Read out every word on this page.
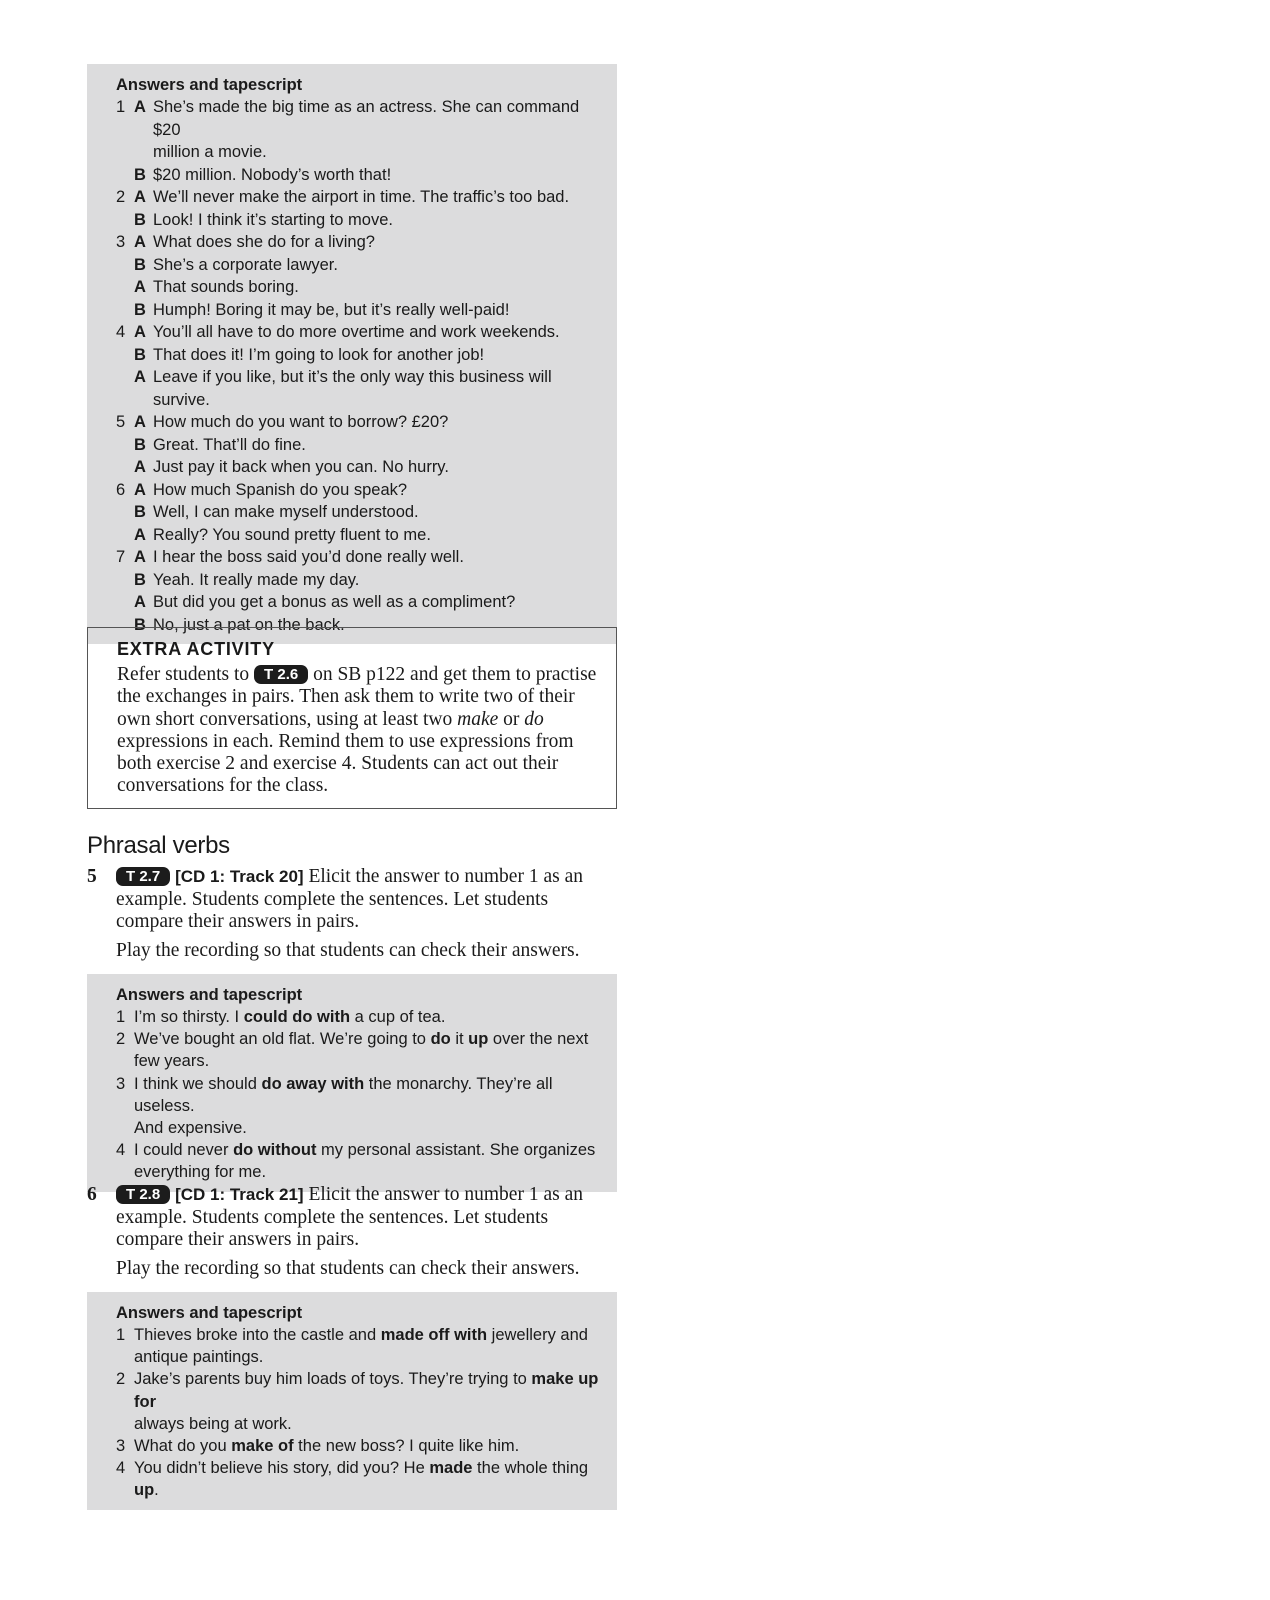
Answers and tapescript
1 A She’s made the big time as an actress. She can command $20
million a movie.
B $20 million. Nobody’s worth that!
2 A We’ll never make the airport in time. The traffic’s too bad.
B Look! I think it’s starting to move.
3 A What does she do for a living?
B She’s a corporate lawyer.
A That sounds boring.
B Humph! Boring it may be, but it’s really well-paid!
4 A You’ll all have to do more overtime and work weekends.
B That does it! I’m going to look for another job!
A Leave if you like, but it’s the only way this business will survive.
5 A How much do you want to borrow? £20?
B Great. That’ll do fine.
A Just pay it back when you can. No hurry.
6 A How much Spanish do you speak?
B Well, I can make myself understood.
A Really? You sound pretty fluent to me.
7 A I hear the boss said you’d done really well.
B Yeah. It really made my day.
A But did you get a bonus as well as a compliment?
B No, just a pat on the back.
EXTRA ACTIVITY
Refer students to T 2.6 on SB p122 and get them to practise the exchanges in pairs. Then ask them to write two of their own short conversations, using at least two make or do expressions in each. Remind them to use expressions from both exercise 2 and exercise 4. Students can act out their conversations for the class.
Phrasal verbs
5	T 2.7 [CD 1: Track 20] Elicit the answer to number 1 as an example. Students complete the sentences. Let students compare their answers in pairs.
Play the recording so that students can check their answers.
Answers and tapescript
1 I’m so thirsty. I could do with a cup of tea.
2 We’ve bought an old flat. We’re going to do it up over the next
few years.
3 I think we should do away with the monarchy. They’re all useless.
And expensive.
4 I could never do without my personal assistant. She organizes
everything for me.
6	T 2.8 [CD 1: Track 21] Elicit the answer to number 1 as an example. Students complete the sentences. Let students compare their answers in pairs.
Play the recording so that students can check their answers.
Answers and tapescript
1 Thieves broke into the castle and made off with jewellery and
antique paintings.
2 Jake’s parents buy him loads of toys. They’re trying to make up for
always being at work.
3 What do you make of the new boss? I quite like him.
4 You didn’t believe his story, did you? He made the whole thing up.
